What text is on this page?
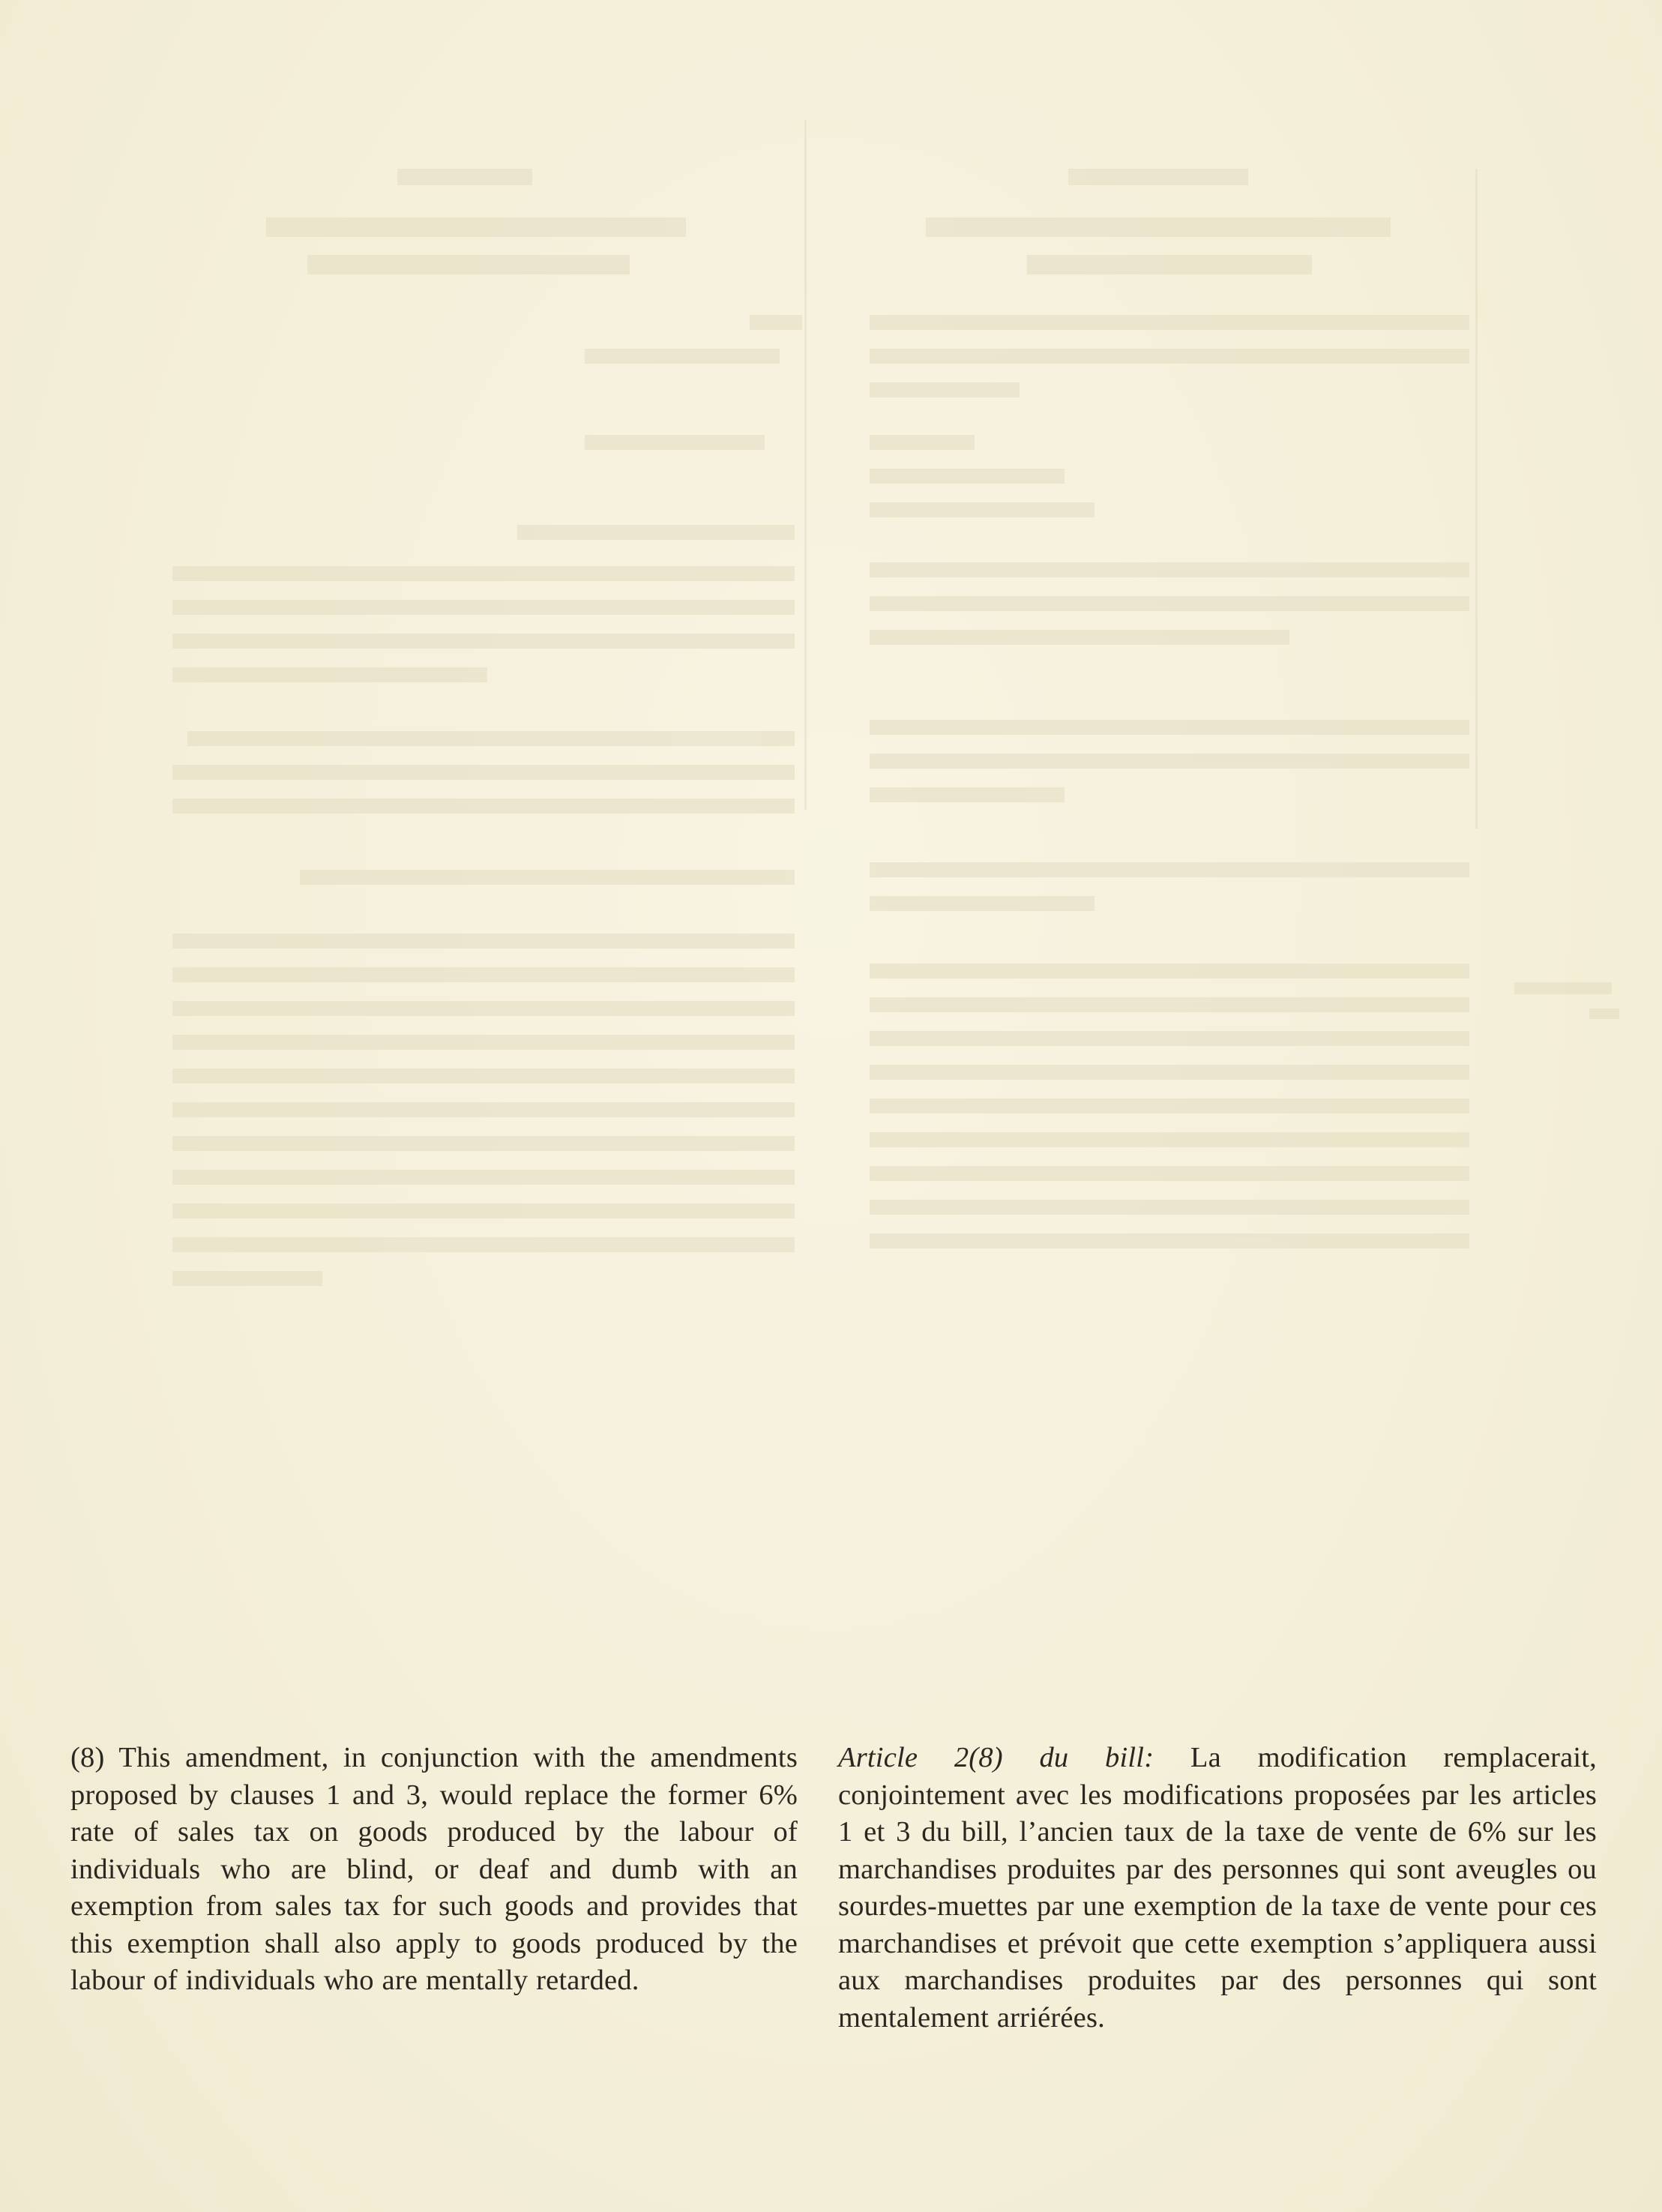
(8) This amendment, in conjunction with the amendments proposed by clauses 1 and 3, would replace the former 6% rate of sales tax on goods produced by the labour of individuals who are blind, or deaf and dumb with an exemption from sales tax for such goods and provides that this exemption shall also apply to goods produced by the labour of individuals who are mentally retarded.
Article 2(8) du bill: La modification remplacerait, conjointement avec les modifications proposées par les articles 1 et 3 du bill, l’ancien taux de la taxe de vente de 6% sur les marchandises produites par des personnes qui sont aveugles ou sourdes-muettes par une exemption de la taxe de vente pour ces marchandises et prévoit que cette exemption s’appliquera aussi aux marchandises produites par des personnes qui sont mentalement arriérées.
